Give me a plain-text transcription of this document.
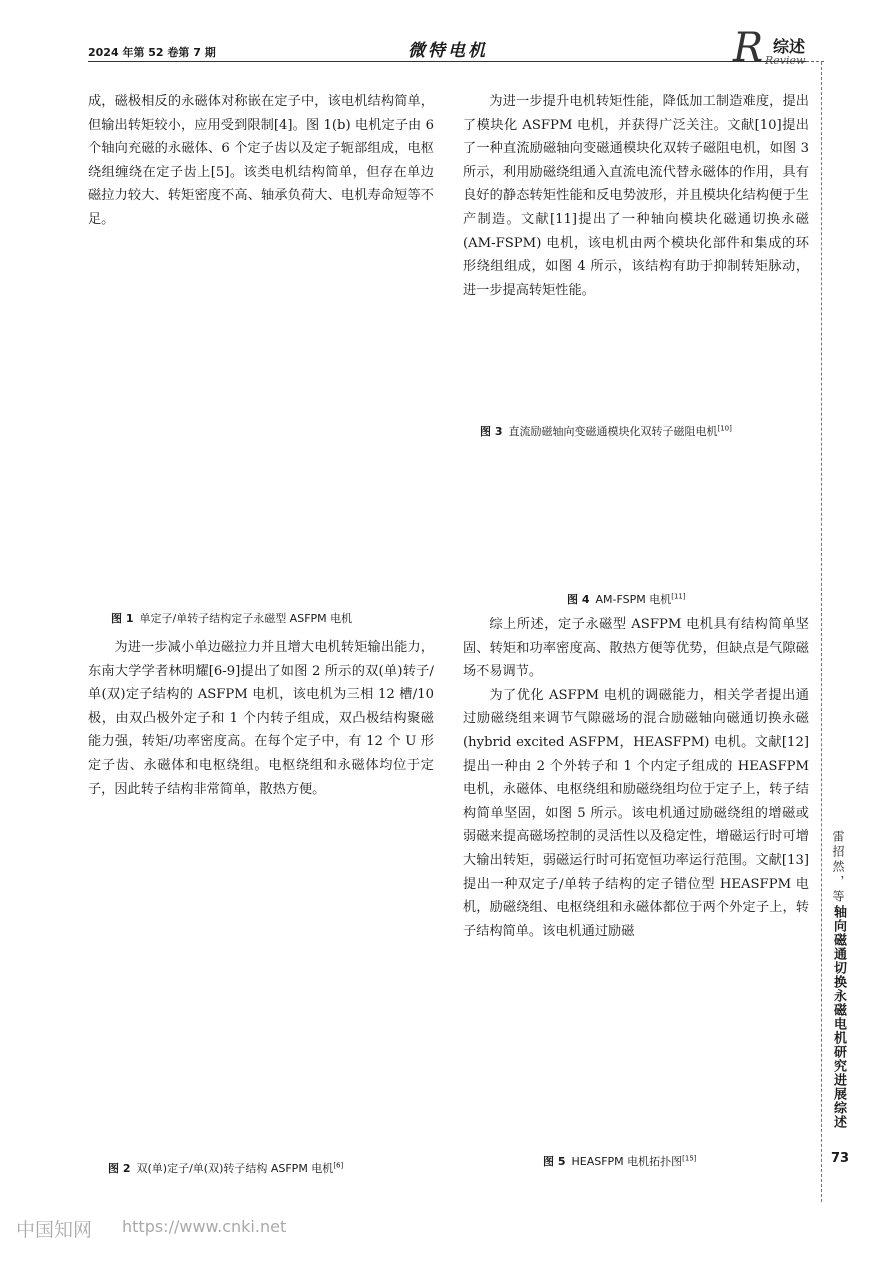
2024 年第 52 卷第 7 期	微特电机	R 综述
Review

成，磁极相反的永磁体对称嵌在定子中，该电机结构简单，但输出转矩较小，应用受到限制[4]。图 1(b) 电机定子由 6 个轴向充磁的永磁体、6 个定子齿以及定子轭部组成，电枢绕组缠绕在定子齿上[5]。该类电机结构简单，但存在单边磁拉力较大、转矩密度不高、轴承负荷大、电机寿命短等不足。

为进一步提升电机转矩性能，降低加工制造难度，提出了模块化 ASFPM 电机，并获得广泛关注。文献[10]提出了一种直流励磁轴向变磁通模块化双转子磁阻电机，如图 3 所示，利用励磁绕组通入直流电流代替永磁体的作用，具有良好的静态转矩性能和反电势波形，并且模块化结构便于生产制造。文献[11]提出了一种轴向模块化磁通切换永磁 (AM-FSPM) 电机，该电机由两个模块化部件和集成的环形绕组组成，如图 4 所示，该结构有助于抑制转矩脉动，进一步提高转矩性能。

图 3 直流励磁轴向变磁通模块化双转子磁阻电机[10]
图 4 AM-FSPM 电机[11]
图 1 单定子/单转子结构定子永磁型 ASFPM 电机

为进一步减小单边磁拉力并且增大电机转矩输出能力，东南大学学者林明耀[6-9]提出了如图 2 所示的双(单)转子/单(双)定子结构的 ASFPM 电机，该电机为三相 12 槽/10 极，由双凸极外定子和 1 个内转子组成，双凸极结构聚磁能力强，转矩/功率密度高。在每个定子中，有 12 个 U 形定子齿、永磁体和电枢绕组。电枢绕组和永磁体均位于定子，因此转子结构非常简单，散热方便。

综上所述，定子永磁型 ASFPM 电机具有结构简单坚固、转矩和功率密度高、散热方便等优势，但缺点是气隙磁场不易调节。

为了优化 ASFPM 电机的调磁能力，相关学者提出通过励磁绕组来调节气隙磁场的混合励磁轴向磁通切换永磁 (hybrid excited ASFPM，HEASFPM) 电机。文献[12]提出一种由 2 个外转子和 1 个内定子组成的 HEASFPM 电机，永磁体、电枢绕组和励磁绕组均位于定子上，转子结构简单坚固，如图 5 所示。该电机通过励磁绕组的增磁或弱磁来提高磁场控制的灵活性以及稳定性，增磁运行时可增大输出转矩，弱磁运行时可拓宽恒功率运行范围。文献[13]提出一种双定子/单转子结构的定子错位型 HEASFPM 电机，励磁绕组、电枢绕组和永磁体都位于两个外定子上，转子结构简单。该电机通过励磁

图 2 双(单)定子/单(双)转子结构 ASFPM 电机[6]	图 5 HEASFPM 电机拓扑图[15]
雷招然，等
轴向磁通切换永磁电机研究进展综述
73
中国知网 https://www.cnki.net
